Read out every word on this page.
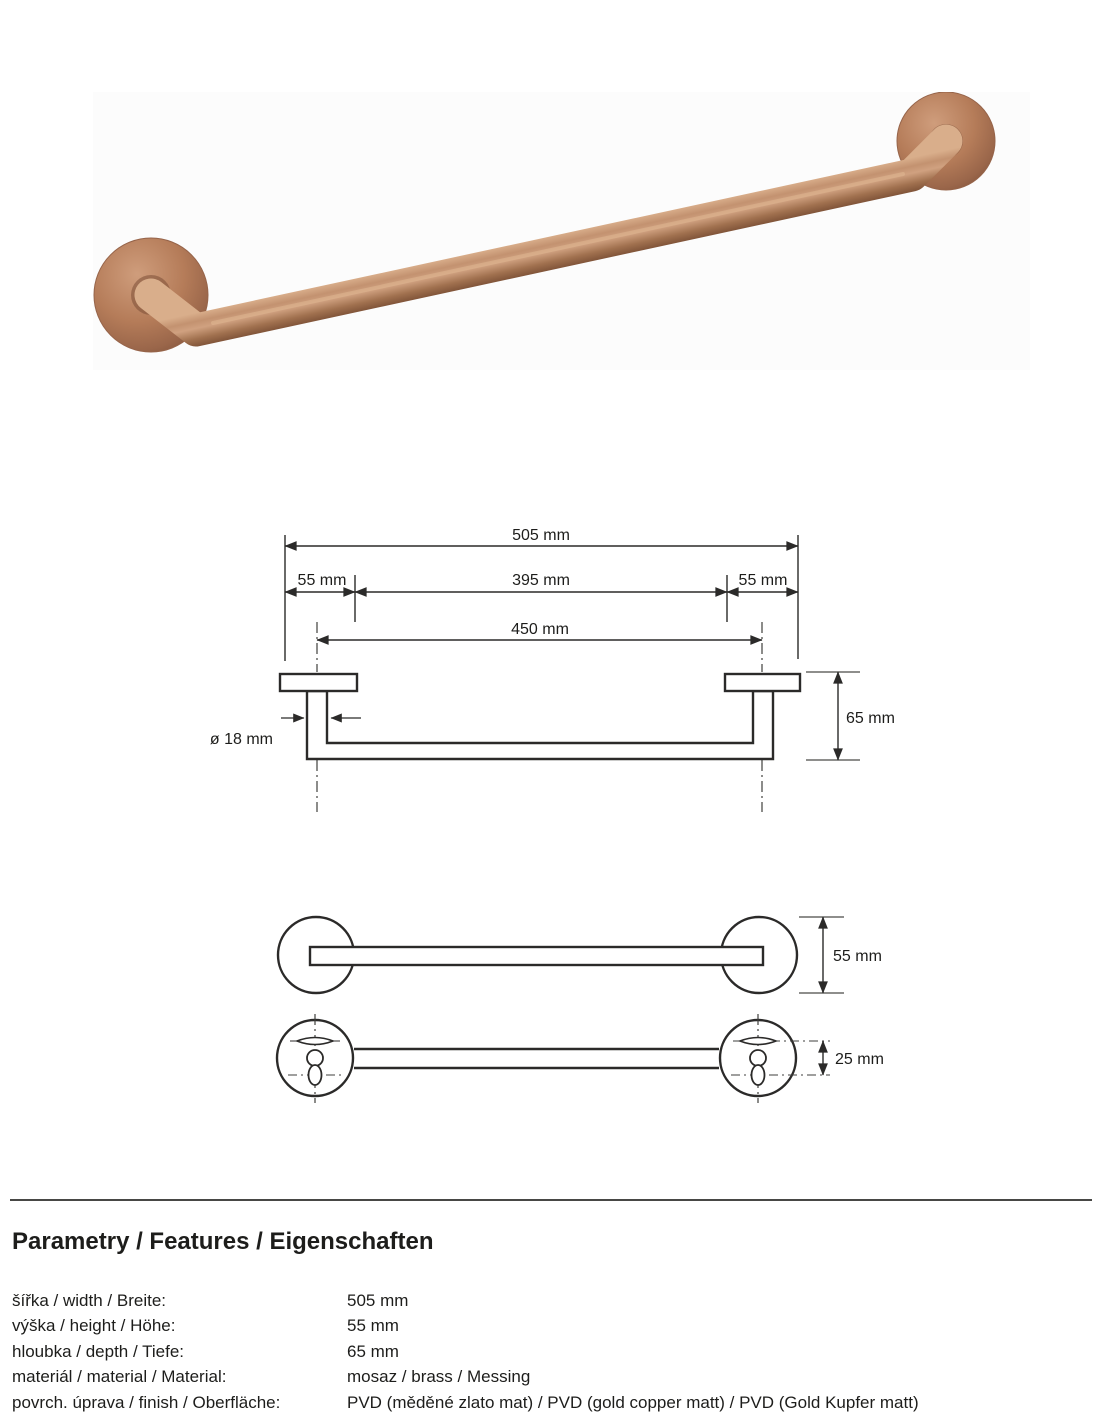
505 mm
55 mm	395 mm	55 mm
450 mm
65 mm
ø 18 mm
55 mm
25 mm
Parametry / Features / Eigenschaften
šířka / width / Breite:	505 mm
výška / height / Höhe:	55 mm
hloubka / depth / Tiefe:	65 mm
materiál / material / Material:	mosaz / brass / Messing
povrch. úprava / finish / Oberfläche:	PVD (měděné zlato mat) / PVD (gold copper matt) / PVD (Gold Kupfer matt)
